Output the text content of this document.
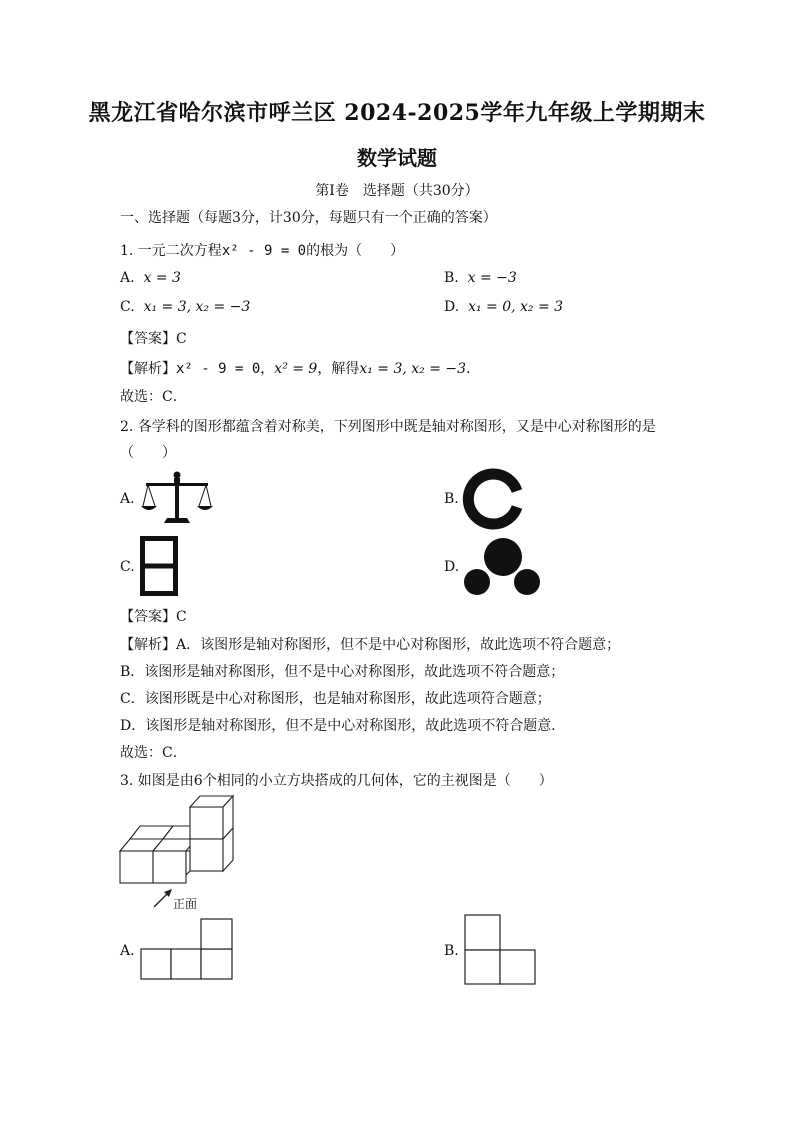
黑龙江省哈尔滨市呼兰区 2024-2025学年九年级上学期期末
数学试题
第Ⅰ卷　选择题（共30分）
一、选择题（每题3分，计30分，每题只有一个正确的答案）
1. 一元二次方程x² - 9 = 0的根为（　　）
A. x = 3	B. x = −3
C. x₁ = 3, x₂ = −3	D. x₁ = 0, x₂ = 3
【答案】C
【解析】x² - 9 = 0，x² = 9，解得x₁ = 3, x₂ = −3．
故选：C．
2. 各学科的图形都蕴含着对称美，下列图形中既是轴对称图形，又是中心对称图形的是
（　　）
A.	B.
C.	D.
【答案】C
【解析】A．该图形是轴对称图形，但不是中心对称图形，故此选项不符合题意；
B．该图形是轴对称图形，但不是中心对称图形，故此选项不符合题意；
C．该图形既是中心对称图形，也是轴对称图形，故此选项符合题意；
D．该图形是轴对称图形，但不是中心对称图形，故此选项不符合题意．
故选：C．
3. 如图是由6个相同的小立方块搭成的几何体，它的主视图是（　　）
正面
A.	B.
